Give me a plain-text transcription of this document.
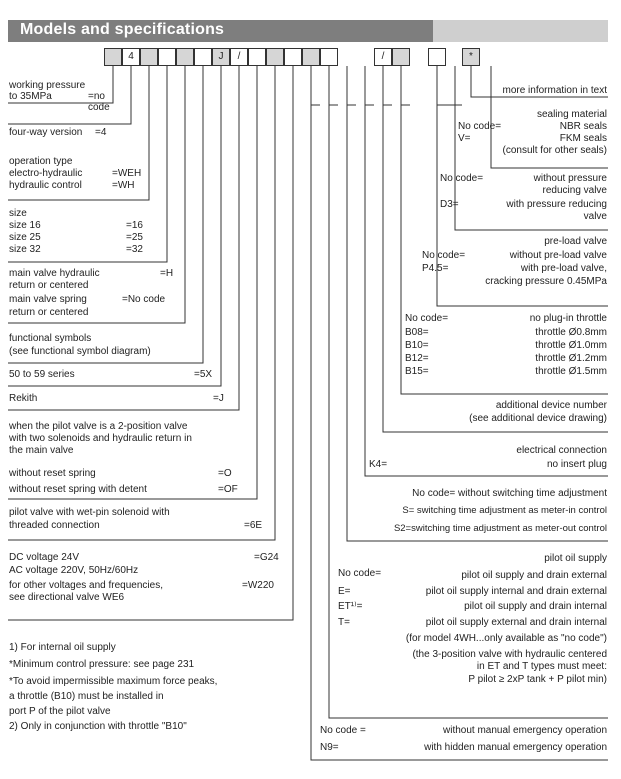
Models and specifications
4	J	/	/	*
working pressure
to 35MPa	=no
code
four-way version =4
operation type
electro-hydraulic	=WEH
hydraulic control	=WH
size
size 16	=16
size 25	=25
size 32	=32
main valve hydraulic	=H
return or centered
main valve spring	=No code
return or centered
functional symbols
(see functional symbol diagram)
50 to 59 series	=5X
Rekith	=J
when the pilot valve is a 2-position valve
with two solenoids and hydraulic return in
the main valve
without reset spring	=O
without reset spring with detent	=OF
pilot valve with wet-pin solenoid with
threaded connection	=6E
DC voltage 24V	=G24
AC voltage 220V, 50Hz/60Hz
for other voltages and frequencies,	=W220
see directional valve WE6
1) For internal oil supply
*Minimum control pressure: see page 231
*To avoid impermissible maximum force peaks,
a throttle (B10) must be installed in
port P of the pilot valve
2) Only in conjunction with throttle "B10"
more information in text
sealing material
No code=	NBR seals
V=	FKM seals
(consult for other seals)
No code=	without pressure
reducing valve
D3=	with pressure reducing
valve
pre-load valve
No code=	without pre-load valve
P4.5=	with pre-load valve,
cracking pressure 0.45MPa
No code=	no plug-in throttle
B08=	throttle Ø0.8mm
B10=	throttle Ø1.0mm
B12=	throttle Ø1.2mm
B15=	throttle Ø1.5mm
additional device number
(see additional device drawing)
electrical connection
K4=	no insert plug
No code= without switching time adjustment
S= switching time adjustment as meter-in control
S2=switching time adjustment as meter-out control
pilot oil supply
No code=	pilot oil supply and drain external
E=	pilot oil supply internal and drain external
ET¹⁾=	pilot oil supply and drain internal
T=	pilot oil supply external and drain internal
(for model 4WH...only available as "no code")
(the 3-position valve with hydraulic centered
in ET and T types must meet:
P pilot ≥ 2xP tank + P pilot min)
No code =	without manual emergency operation
N9=	with hidden manual emergency operation
